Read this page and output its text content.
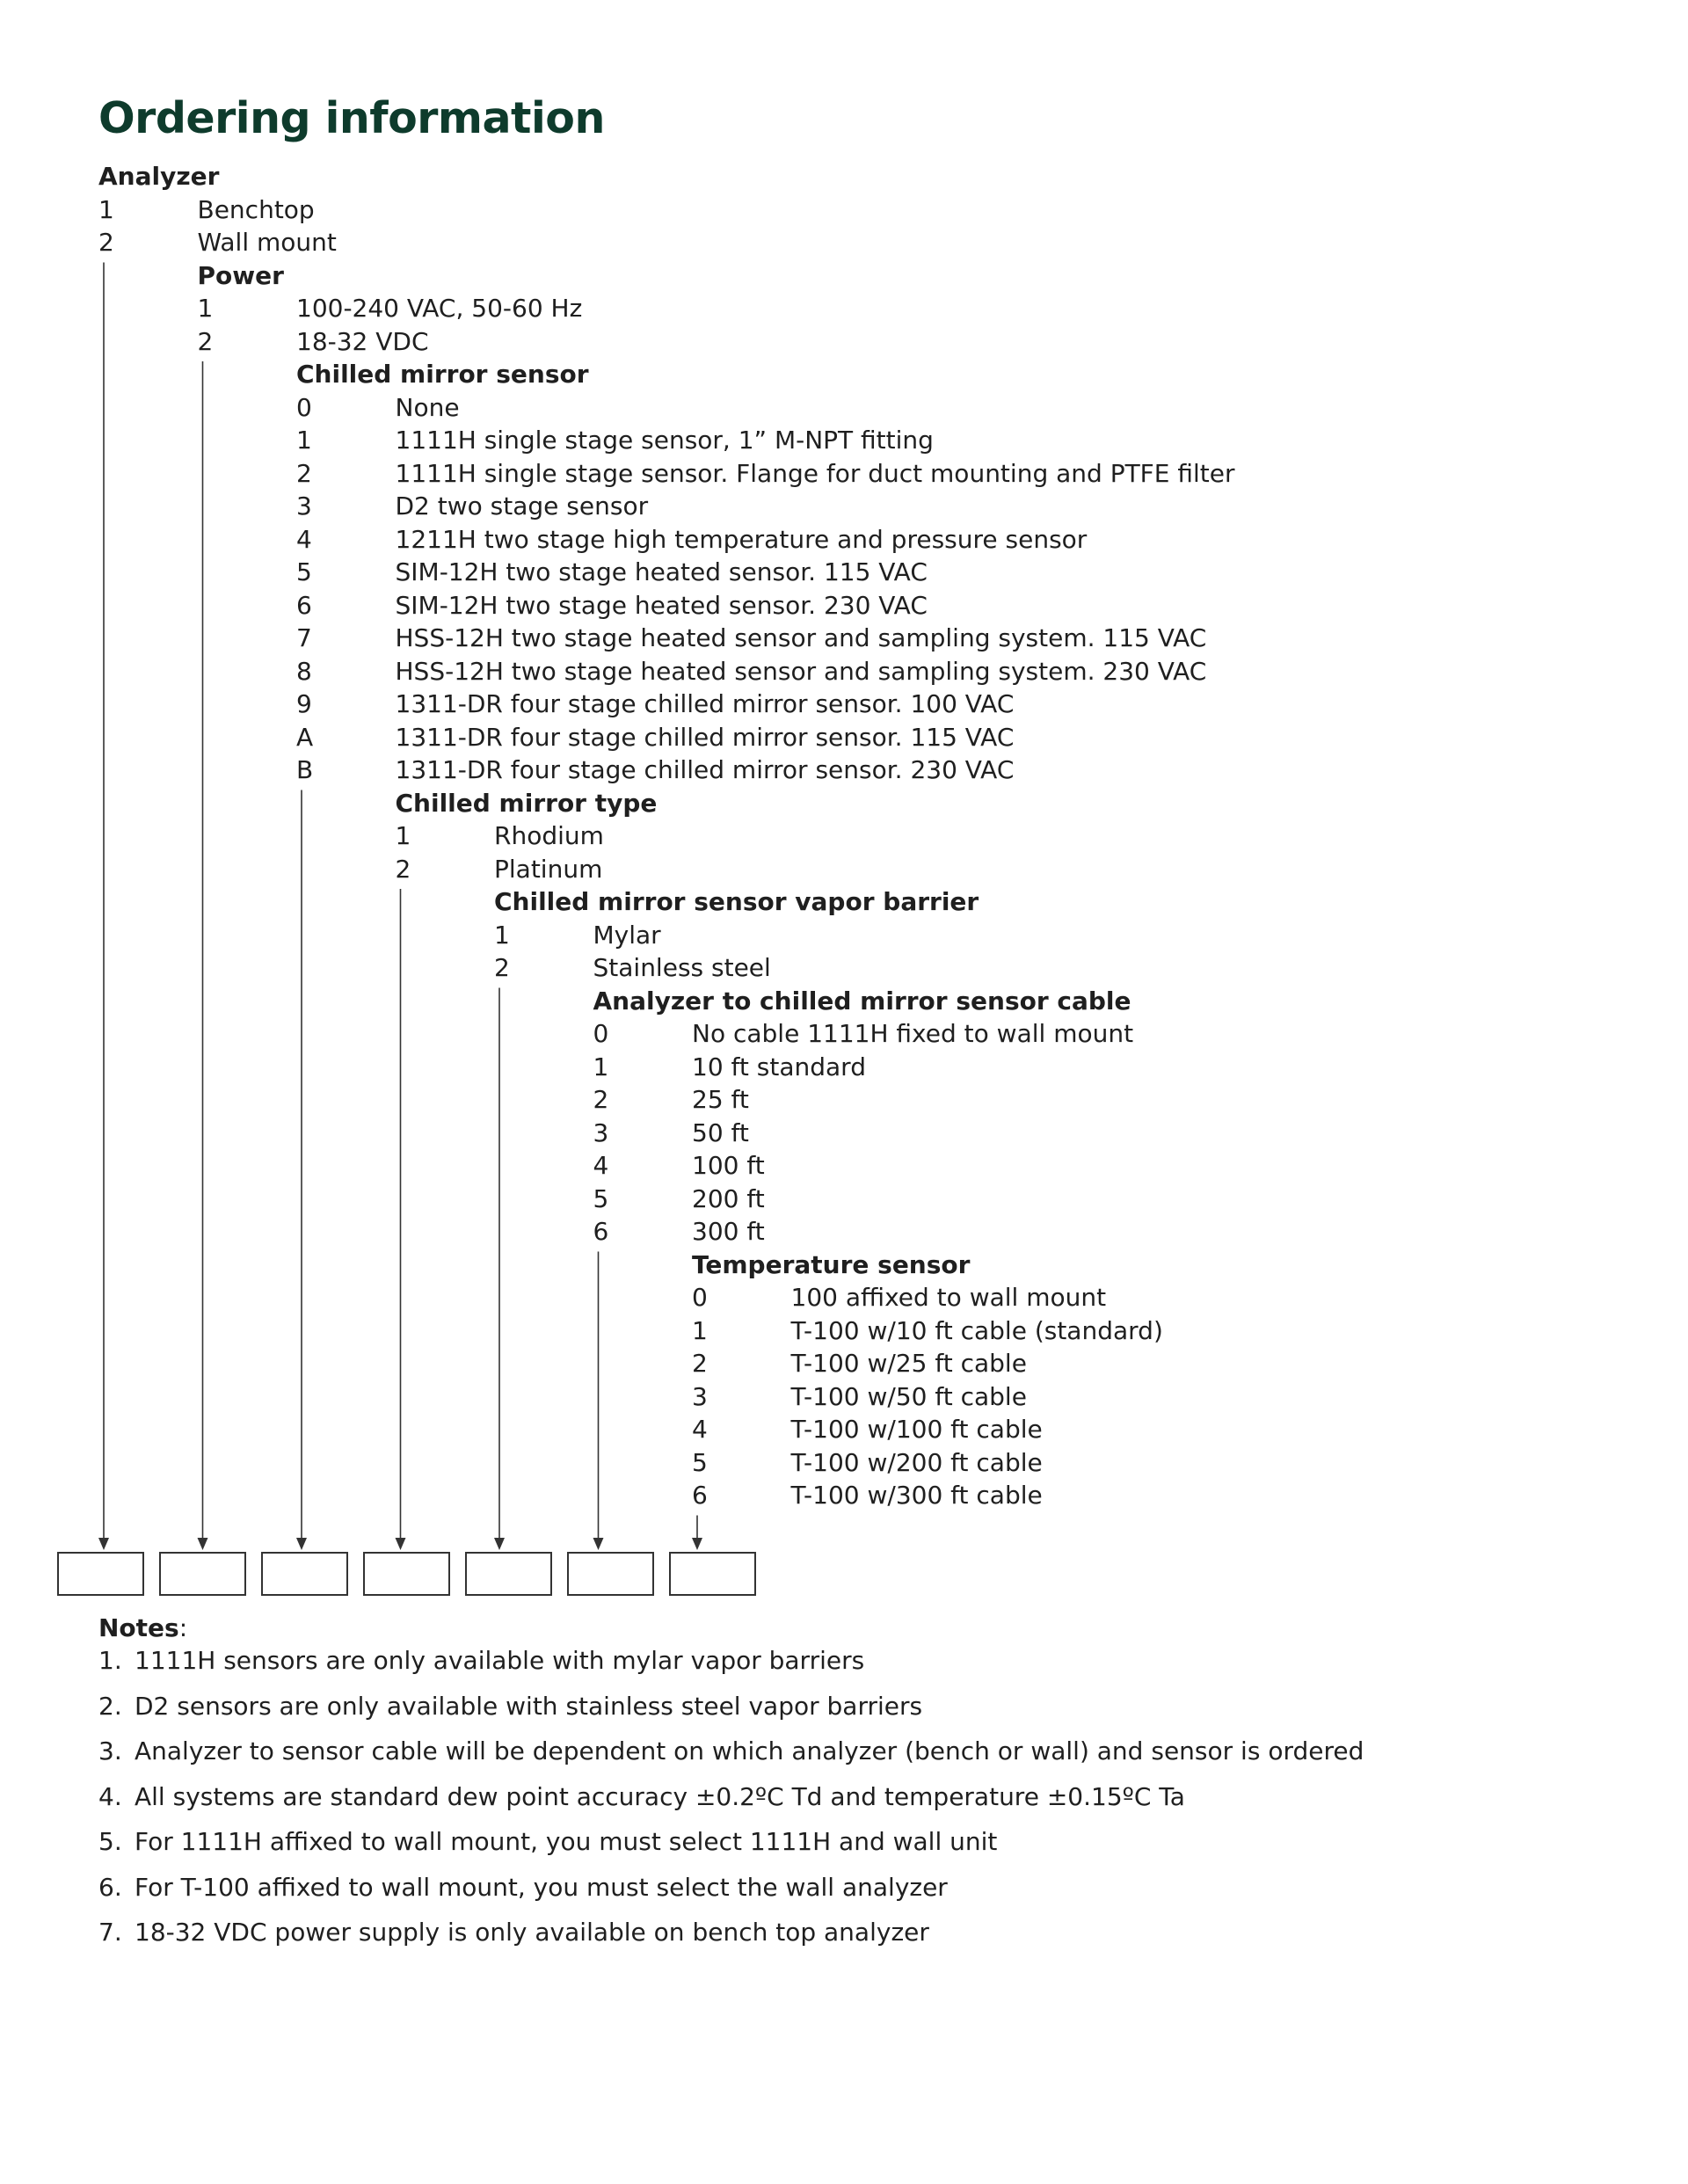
Ordering information
Analyzer
1	Benchtop
2	Wall mount
Power
1	100-240 VAC, 50-60 Hz
2	18-32 VDC
Chilled mirror sensor
0	None
1	1111H single stage sensor, 1” M-NPT fitting
2	1111H single stage sensor. Flange for duct mounting and PTFE filter
3	D2 two stage sensor
4	1211H two stage high temperature and pressure sensor
5	SIM-12H two stage heated sensor. 115 VAC
6	SIM-12H two stage heated sensor. 230 VAC
7	HSS-12H two stage heated sensor and sampling system. 115 VAC
8	HSS-12H two stage heated sensor and sampling system. 230 VAC
9	1311-DR four stage chilled mirror sensor. 100 VAC
A	1311-DR four stage chilled mirror sensor. 115 VAC
B	1311-DR four stage chilled mirror sensor. 230 VAC
Chilled mirror type
1	Rhodium
2	Platinum
Chilled mirror sensor vapor barrier
1	Mylar
2	Stainless steel
Analyzer to chilled mirror sensor cable
0	No cable 1111H fixed to wall mount
1	10 ft standard
2	25 ft
3	50 ft
4	100 ft
5	200 ft
6	300 ft
Temperature sensor
0	100 affixed to wall mount
1	T-100 w/10 ft cable (standard)
2	T-100 w/25 ft cable
3	T-100 w/50 ft cable
4	T-100 w/100 ft cable
5	T-100 w/200 ft cable
6	T-100 w/300 ft cable
Notes:
1. 1111H sensors are only available with mylar vapor barriers
2. D2 sensors are only available with stainless steel vapor barriers
3. Analyzer to sensor cable will be dependent on which analyzer (bench or wall) and sensor is ordered
4. All systems are standard dew point accuracy ±0.2ºC Td and temperature ±0.15ºC Ta
5. For 1111H affixed to wall mount, you must select 1111H and wall unit
6. For T-100 affixed to wall mount, you must select the wall analyzer
7. 18-32 VDC power supply is only available on bench top analyzer
